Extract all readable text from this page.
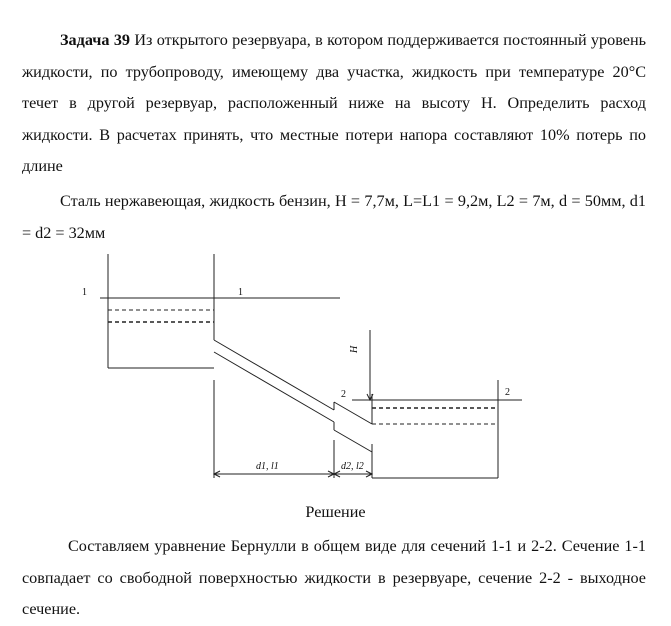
Задача 39 Из открытого резервуара, в котором поддерживается постоянный уровень жидкости, по трубопроводу, имеющему два участка, жидкость при температуре 20°С течет в другой резервуар, расположенный ниже на высоту Н. Определить расход жидкости. В расчетах принять, что местные потери напора составляют 10% потерь по длине
Сталь нержавеющая, жидкость бензин, Н = 7,7м, L=L1 = 9,2м, L2 = 7м, d = 50мм, d1 = d2 = 32мм
1	1
2	2
H
d1, l1	d2, l2
Решение
Составляем уравнение Бернулли в общем виде для сечений 1-1 и 2-2. Сечение 1-1 совпадает со свободной поверхностью жидкости в резервуаре, сечение 2-2 - выходное сечение.
